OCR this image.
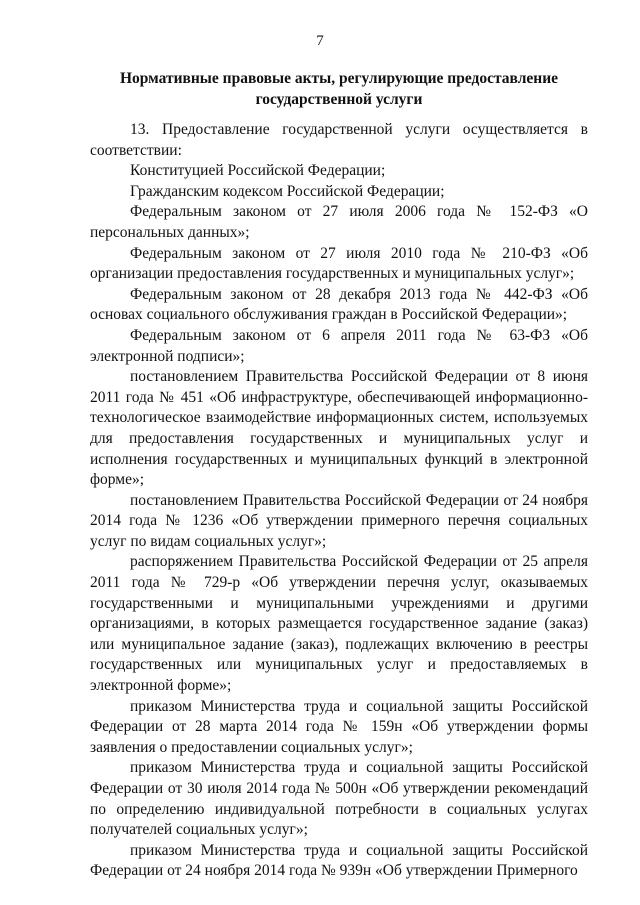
7
Нормативные правовые акты, регулирующие предоставление государственной услуги

13. Предоставление государственной услуги осуществляется в соответствии:

Конституцией Российской Федерации;

Гражданским кодексом Российской Федерации;

Федеральным законом от 27 июля 2006 года № 152-ФЗ «О персональных данных»;

Федеральным законом от 27 июля 2010 года № 210-ФЗ «Об организации предоставления государственных и муниципальных услуг»;

Федеральным законом от 28 декабря 2013 года № 442-ФЗ «Об основах социального обслуживания граждан в Российской Федерации»;

Федеральным законом от 6 апреля 2011 года № 63-ФЗ «Об электронной подписи»;

постановлением Правительства Российской Федерации от 8 июня 2011 года № 451 «Об инфраструктуре, обеспечивающей информационно-технологическое взаимодействие информационных систем, используемых для предоставления государственных и муниципальных услуг и исполнения государственных и муниципальных функций в электронной форме»;

постановлением Правительства Российской Федерации от 24 ноября 2014 года № 1236 «Об утверждении примерного перечня социальных услуг по видам социальных услуг»;

распоряжением Правительства Российской Федерации от 25 апреля 2011 года № 729-р «Об утверждении перечня услуг, оказываемых государственными и муниципальными учреждениями и другими организациями, в которых размещается государственное задание (заказ) или муниципальное задание (заказ), подлежащих включению в реестры государственных или муниципальных услуг и предоставляемых в электронной форме»;

приказом Министерства труда и социальной защиты Российской Федерации от 28 марта 2014 года № 159н «Об утверждении формы заявления о предоставлении социальных услуг»;

приказом Министерства труда и социальной защиты Российской Федерации от 30 июля 2014 года № 500н «Об утверждении рекомендаций по определению индивидуальной потребности в социальных услугах получателей социальных услуг»;

приказом Министерства труда и социальной защиты Российской Федерации от 24 ноября 2014 года № 939н «Об утверждении Примерного
